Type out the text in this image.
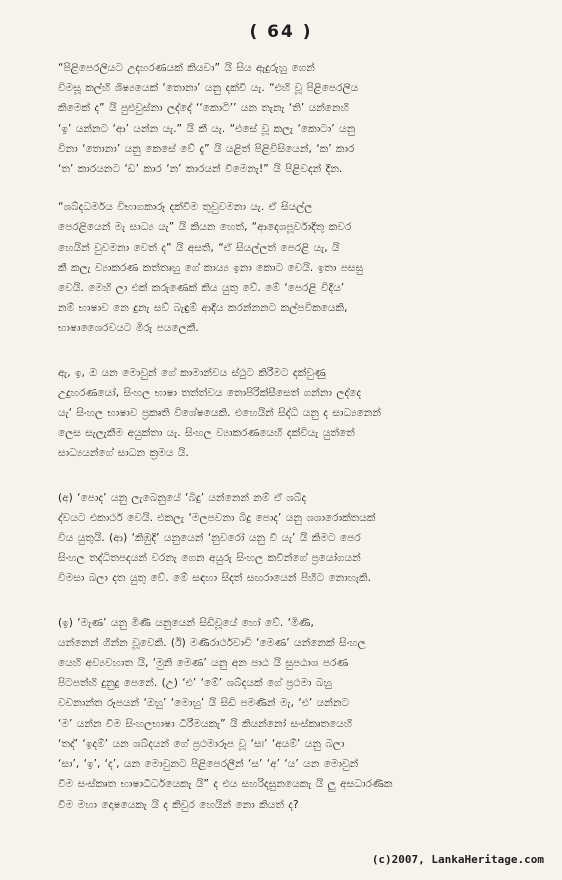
( 64 )

“පිළිපෙරලියට උදහරණයක් කියවා” යි සිය ඇදුරුහු ගෙන්
විමසූ කල්හි ශිෂ්‍යයෙක් ‘තොනා’ යනු දක්වී යැ. “එහි වූ පිළිපෙරලිය
කිමෙක් ද” යි පුළුවුස්නා ලද්දේ ‘‘කොටි’’ යන තැනැ ‘ති’ යන්නෙහි
‘ඉ’ යන්නට ‘ආ’ යන්න යැ.” යි කී යැ. “එසේ වූ කලැ ‘කොටා’ යනු
විනා ‘තොනා’ යනු කෙසේ වේ දැ” යි යළිත් පිළිවිසියෙන්, ‘ක’ කාර
‘ත’ කාරයනට ‘ඩ’ කාර ‘න’ කාරයන් වීමෙනැ!” යි පිළිවදන් දීන.

“ශබ්දධර්මය විභාගකාරූ දක්වීම තුවුවමනා යැ. ඒ සියල්ල
පෙරළියෙන් මැ සාධ්‍ය යැ” යි කියන හෙත්, “ආදෙශපූර්වාදිතු කවර
හෙයින් වුවමනා වෙත් ද” යි අසති, “ඒ සියල්ලත් පෙරළි යැ, යි
කී කලැ ව්‍යාකරණ කත්තෘහු ගේ කාය්‍ය ඉනා කොට වෙයි. ඉතා පසසු
වෙයි. මෙහි ලා එක් කරුණෙක් කිය යුතු වේ. මේ ‘පෙරළි විදිය’
නම් භාෂාව නෙ දුනැ සව් බැඳුම් ආදිය කරන්නනට කල්පවිකයෙකි,
භාෂාශෛරවයට මිරු පයලෙකී.

ඇ, ඉ, ඔ යන මොවුන් ගේ කාමාන්වය ස්ථුට කිරීමට දක්වුණු
උදුහරණයෝ, සිංහල භාෂා තත්ත්වය තොපිරික්සීසෙත් ගන්නා ලද්දෙ
යැ‘ සිංහල භාෂාව ප්‍රකෘති විශේෂයෙකි. එහෙයින් සිද්ධි යනු ද සාධ්‍යනෙන්
ලෙස සැලැකීම අයුක්තා යැ. සිංහල ව්‍යාකරණයෙහි දක්වියැ යුත්තේ
සාධ්‍යයන්ගේ සාධන ක්‍රමය යි.

(අ) ‘පොද’ යනු ලැබෙනුයේ ‘බිදු’ යන්නෙන් නම් ඒ ශබ්ද
ද්වයට එකාර්ථ වෙයි. එකලැ ‘මලපවනා බිදු පොද’ යනු ශශාරොක්තයක්
විය යුතුයි. (ආ) ‘කිඹුදි’ යනුයෙන් ‘නුවරෝ යනු වී යැ’ යි කිමට පෙර
සිංහල තද්ධිතපදයන් වරනැ ගෙන අයුරු සිංහල කවීන්ගේ ප්‍රයෝගයන්
විමසා බලා දත යුතු වේ. මේ සඳහා සිදත් සඟරායෙන් පිහිට නොහැකි.

(ඉ) ‘මැණ’ යනු මිණි යනුයෙන් සිඩිවූයේ හෝ වේ. ‘මිණි,
යන්නෙන් ගින්න වූවෙකි. (ඊ) මණිරාර්ථවාචි ‘මෙණ’ යන්නෙක් සිංහල
යෙහි අව්‍යවහාත යි, ‘මුනි මෙණ’ යනු අන පාඨ යි සුපඨාශ පරණ
පිටපත්හි දුනුදු පෙනේ. (උ) ‘එ’ ‘මේ’ ශබ්දයක් ගේ ප්‍රථමා බහු
වචනාන්ත රූපයන් ‘ඔහු’ ‘මොහු’ යි සිඩි පමණින් මැ, ‘එ’ යන්නට
‘ම’ යන්න වීම සිංහලභාෂා ධීරීමයකැ” යි කියන්නෝ සංස්කෘතයෙහි
‘තද්’ ‘ඉදම්’ යන ශබ්දයන් ගේ ප්‍රථමාරූප වූ ‘සඃ’ ‘අයම්’ යනු බලා
‘සා’, ‘ඉ’, ‘ද’, යන මොවුනට පිළිපෙරලීන් ‘ස’ ‘අ’ ‘ය’ යන මොවුන්
වීම සංස්කෘත භාෂාධීර්ධයෙකැ යි” ද එය සහරිදසුනයෙකැ යි ලු අසධාරණික
වීම මහා දොෂයෙකැ යි ද කිවුර හෙයින් නො කියත් ද?

(c)2007, LankaHeritage.com
